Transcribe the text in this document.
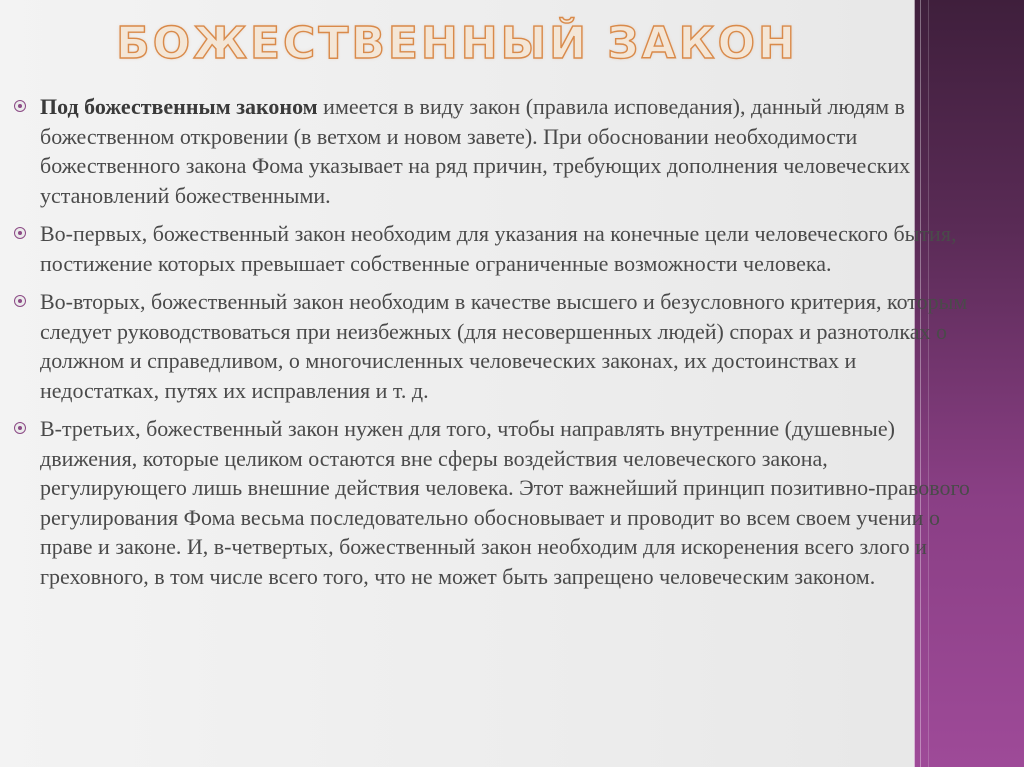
БОЖЕСТВЕННЫЙ ЗАКОН
Под божественным законом имеется в виду закон (правила исповедания), данный людям в божественном откровении (в ветхом и новом завете). При обосновании необходимости божественного закона Фома указывает на ряд причин, требующих дополнения человеческих установлений божественными.
Во-первых, божественный закон необходим для указания на конечные цели человеческого бытия, постижение которых превышает собственные ограниченные возможности человека.
Во-вторых, божественный закон необходим в качестве высшего и безусловного критерия, которым следует руководствоваться при неизбежных (для несовершенных людей) спорах и разнотолках о должном и справедливом, о многочисленных человеческих законах, их достоинствах и недостатках, путях их исправления и т. д.
В-третьих, божественный закон нужен для того, чтобы направлять внутренние (душевные) движения, которые целиком остаются вне сферы воздействия человеческого закона, регулирующего лишь внешние действия человека. Этот важнейший принцип позитивно-правового регулирования Фома весьма последовательно обосновывает и проводит во всем своем учении о праве и законе. И, в-четвертых, божественный закон необходим для искоренения всего злого и греховного, в том числе всего того, что не может быть запрещено человеческим законом.
